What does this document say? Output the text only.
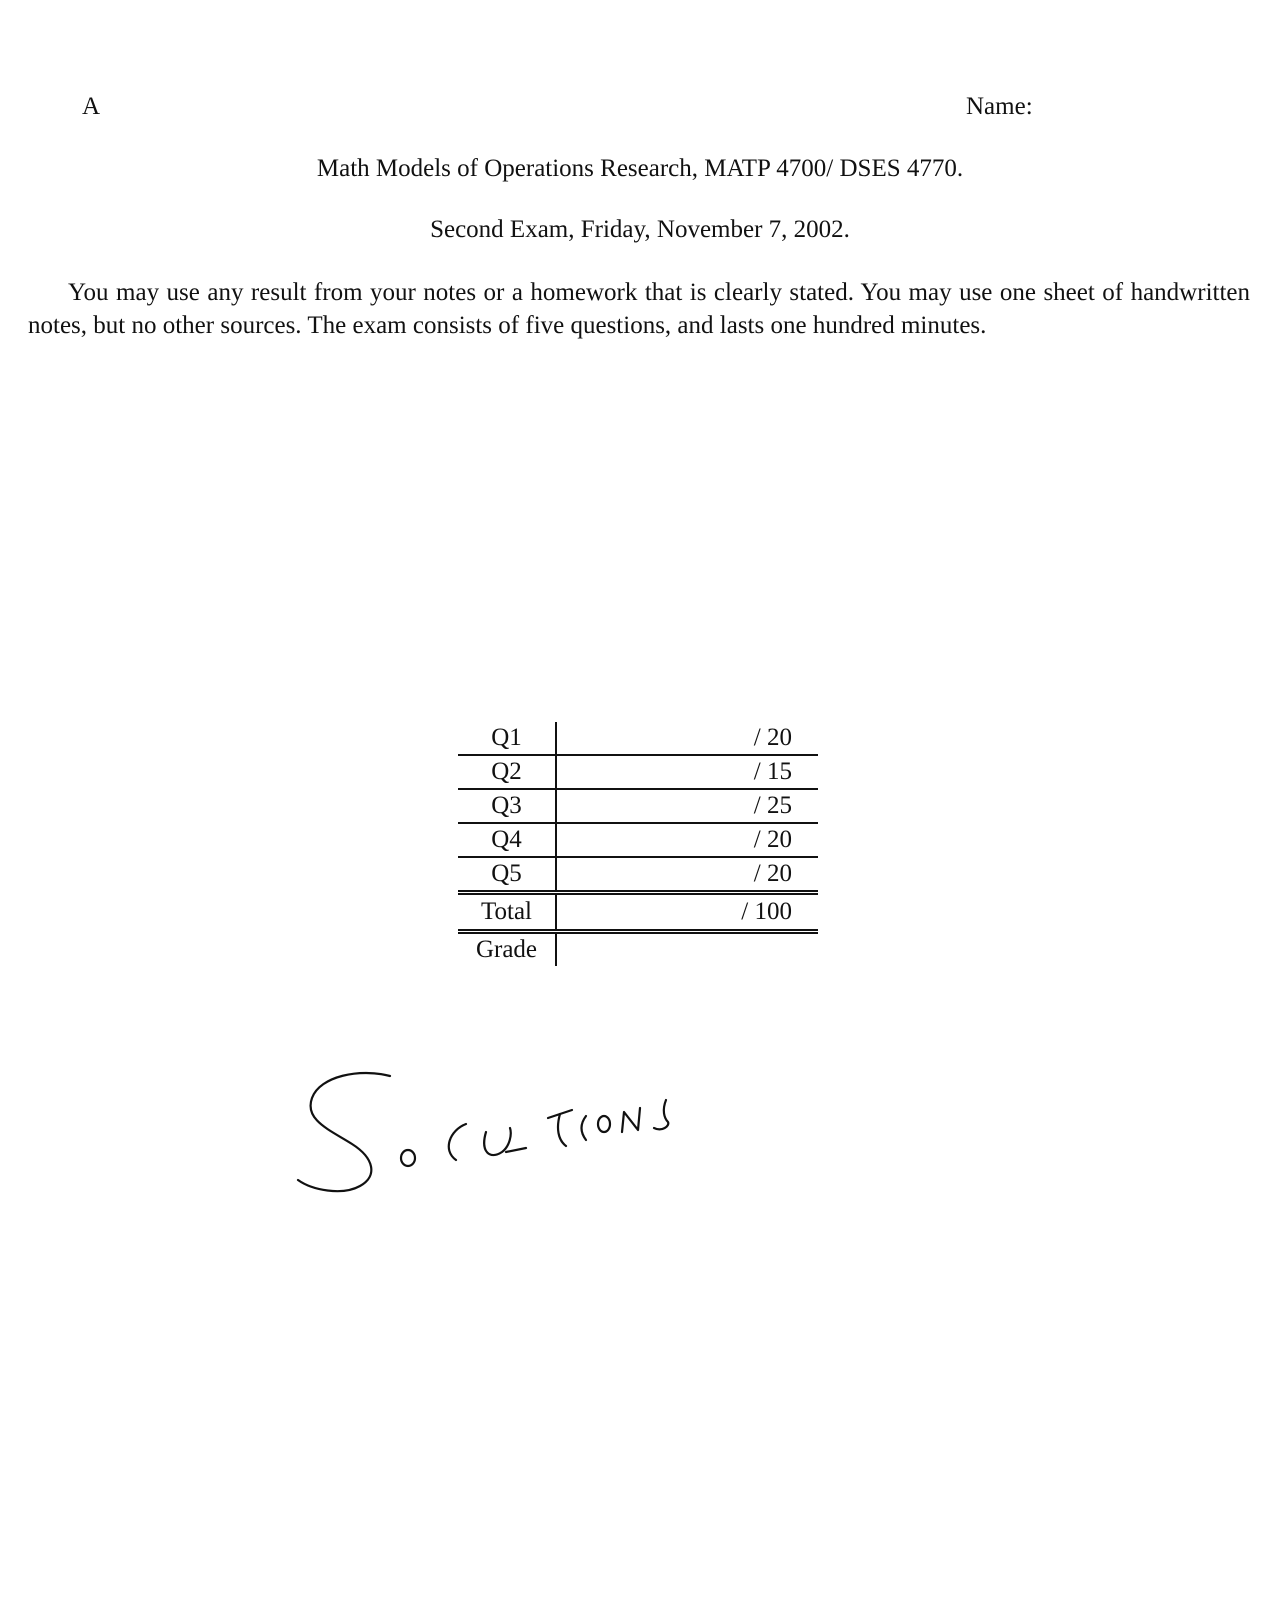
A	Name:
Math Models of Operations Research, MATP 4700/ DSES 4770.
Second Exam, Friday, November 7, 2002.

You may use any result from your notes or a homework that is clearly stated. You may use one sheet of handwritten notes, but no other sources. The exam consists of five questions, and lasts one hundred minutes.

Q1	/ 20
Q2	/ 15
Q3	/ 25
Q4	/ 20
Q5	/ 20
Total	/ 100
Grade	
